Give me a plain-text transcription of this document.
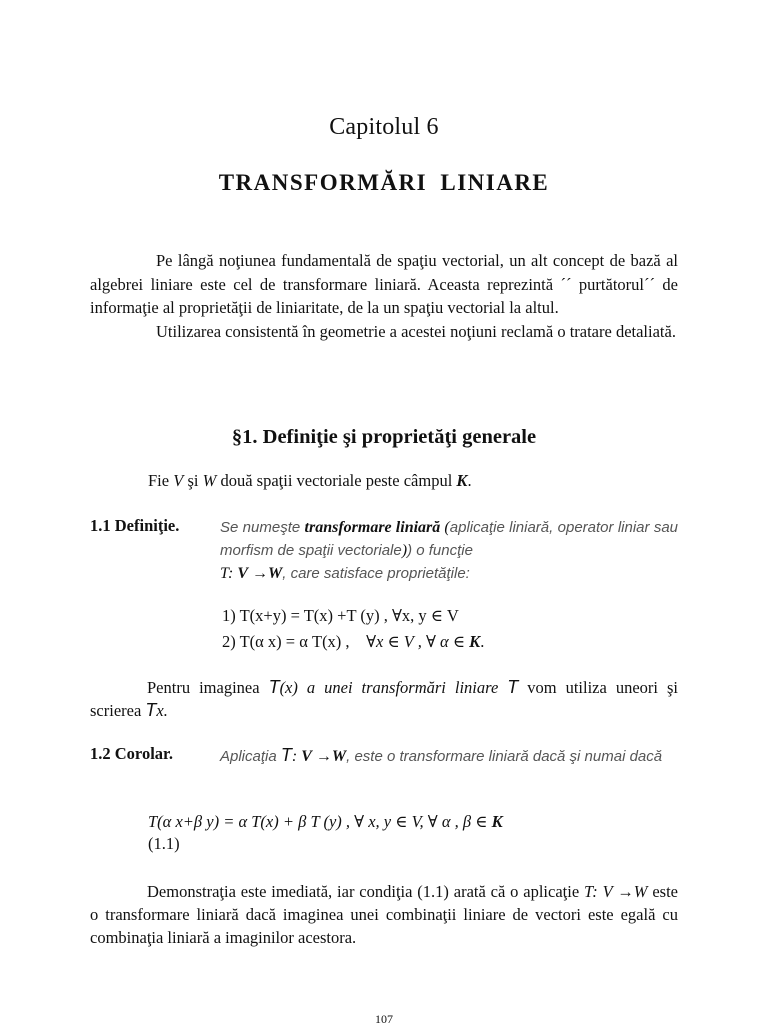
Capitolul 6
TRANSFORMĂRI LINIARE

Pe lângă noţiunea fundamentală de spaţiu vectorial, un alt concept de bază al algebrei liniare este cel de transformare liniară. Aceasta reprezintă ´´ purtătorul´´ de informaţie al proprietăţii de liniaritate, de la un spaţiu vectorial la altul.

Utilizarea consistentă în geometrie a acestei noţiuni reclamă o tratare detaliată.

§1. Definiţie şi proprietăţi generale
Fie V şi W două spaţii vectoriale peste câmpul K.
1.1 Definiţie.	Se numeşte transformare liniară (aplicaţie liniară, operator liniar sau morfism de spaţii vectoriale)) o funcţie
T: V →W, care satisface proprietăţile:
1) T(x+y) = T(x) +T (y) , ∀x, y ∈ V
2) T(α x) = α T(x) , ∀x ∈ V , ∀ α ∈ K.

Pentru imaginea T(x) a unei transformări liniare T vom utiliza uneori şi scrierea Tx.

1.2 Corolar.	Aplicaţia T: V →W, este o transformare liniară dacă şi numai dacă
T(α x+β y) = α T(x) + β T (y) , ∀ x, y ∈ V, ∀ α , β ∈ K
(1.1)

Demonstraţia este imediată, iar condiţia (1.1) arată că o aplicaţie T: V →W este o transformare liniară dacă imaginea unei combinaţii liniare de vectori este egală cu combinaţia liniară a imaginilor acestora.

107
